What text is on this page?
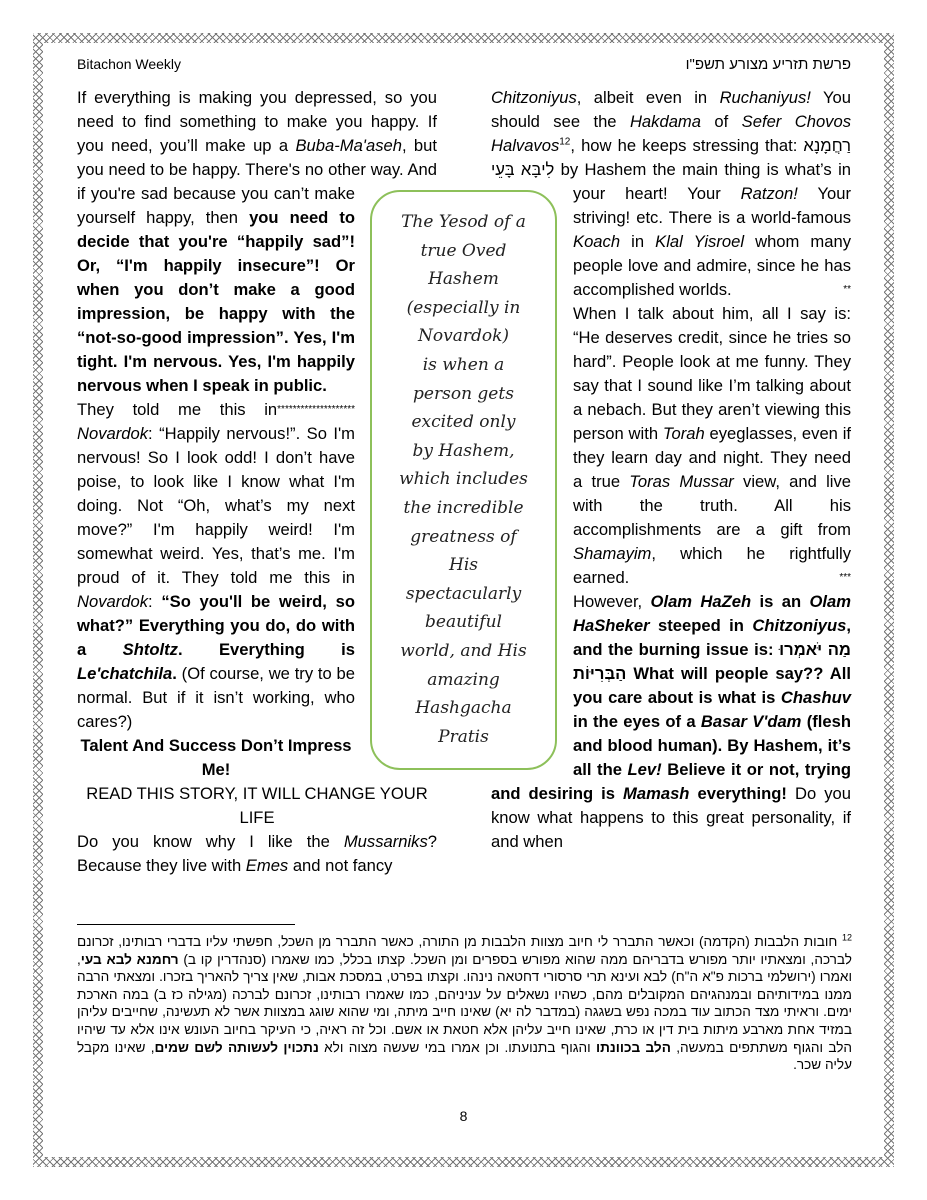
Bitachon Weekly	פרשת תזריע מצורע תשפ"ו

If everything is making you depressed, so you need to find something to make you happy. If you need, you’ll make up a Buba-Ma'aseh, but you need to be happy. There's no other way. And if you're sad because you can’t make yourself happy, then you need to decide that you're “happily sad”! Or, “I'm happily insecure”! Or when you don’t make a good impression, be happy with the “not-so-good impression”. Yes, I'm tight. I'm nervous. Yes, I'm happily nervous when I speak in public.
********************

They told me this in Novardok: “Happily nervous!”. So I'm nervous! So I look odd! I don’t have poise, to look like I know what I'm doing. Not “Oh, what’s my next move?” I'm happily weird! I'm somewhat weird. Yes, that’s me. I'm proud of it. They told me this in Novardok: “So you'll be weird, so what?” Everything you do, do with a Shtoltz. Everything is Le'chatchila. (Of course, we try to be normal. But if it isn’t working, who cares?)

Talent And Success Don’t Impress Me!

READ THIS STORY, IT WILL CHANGE YOUR LIFE

Do you know why I like the Mussarniks? Because they live with Emes and not fancy

Chitzoniyus, albeit even in Ruchaniyus! You should see the Hakdama of Sefer Chovos Halvavos$^{12}$, how he keeps stressing that: רַחֲמָנָא לִיבָּא בָּעֵי by Hashem the main thing is what’s in your heart! Your Ratzon! Your striving! etc. There is a world-famous Koach in Klal Yisroel whom many people love and admire, since he has accomplished worlds.	**

When I talk about him, all I say is: “He deserves credit, since he tries so hard”. People look at me funny. They say that I sound like I’m talking about a nebach. But they aren’t viewing this person with Torah eyeglasses, even if they learn day and night. They need a true Toras Mussar view, and live with the truth. All his accomplishments are a gift from Shamayim, which he rightfully earned.	***

However, Olam HaZeh is an Olam HaSheker steeped in Chitzoniyus, and the burning issue is: מַה יֹּאמְרוּ הַבְּרִיּוֹת What will people say?? All you care about is what is Chashuv in the eyes of a Basar V'dam (flesh and blood human). By Hashem, it’s all the Lev! Believe it or not, trying and desiring is Mamash everything! Do you know what happens to this great personality, if and when

The Yesod of a
true Oved
Hashem
(especially in
Novardok)
is when a
person gets
excited only
by Hashem,
which includes
the incredible
greatness of
His
spectacularly
beautiful
world, and His
amazing
Hashgacha
Pratis
$^{12}$ חובות הלבבות (הקדמה) וכאשר התברר לי חיוב מצוות הלבבות מן התורה, כאשר התברר מן השכל, חפשתי עליו בדברי רבותינו, זכרונם לברכה, ומצאתיו יותר מפורש בדבריהם ממה שהוא מפורש בספרים ומן השכל. קצתו בכלל, כמו שאמרו (סנהדרין קו ב) רחמנא לבא בעי, ואמרו (ירושלמי ברכות פ"א ה"ח) לבא ועינא תרי סרסורי דחטאה נינהו. וקצתו בפרט, במסכת אבות, שאין צריך להאריך בזכרו. ומצאתי הרבה ממנו במידותיהם ובמנהגיהם המקובלים מהם, כשהיו נשאלים על עניניהם, כמו שאמרו רבותינו, זכרונם לברכה (מגילה כז ב) במה הארכת ימים. וראיתי מצד הכתוב עוד במכה נפש בשגגה (במדבר לה יא) שאינו חייב מיתה, ומי שהוא שוגג במצוות אשר לא תעשינה, שחייבים עליהן במזיד אחת מארבע מיתות בית דין או כרת, שאינו חייב עליהן אלא חטאת או אשם. וכל זה ראיה, כי העיקר בחיוב העונש אינו אלא עד שיהיו הלב והגוף משתתפים במעשה, הלב בכוונתו והגוף בתנועתו. וכן אמרו במי שעשה מצוה ולא נתכוין לעשותה לשם שמים, שאינו מקבל עליה שכר.
8
